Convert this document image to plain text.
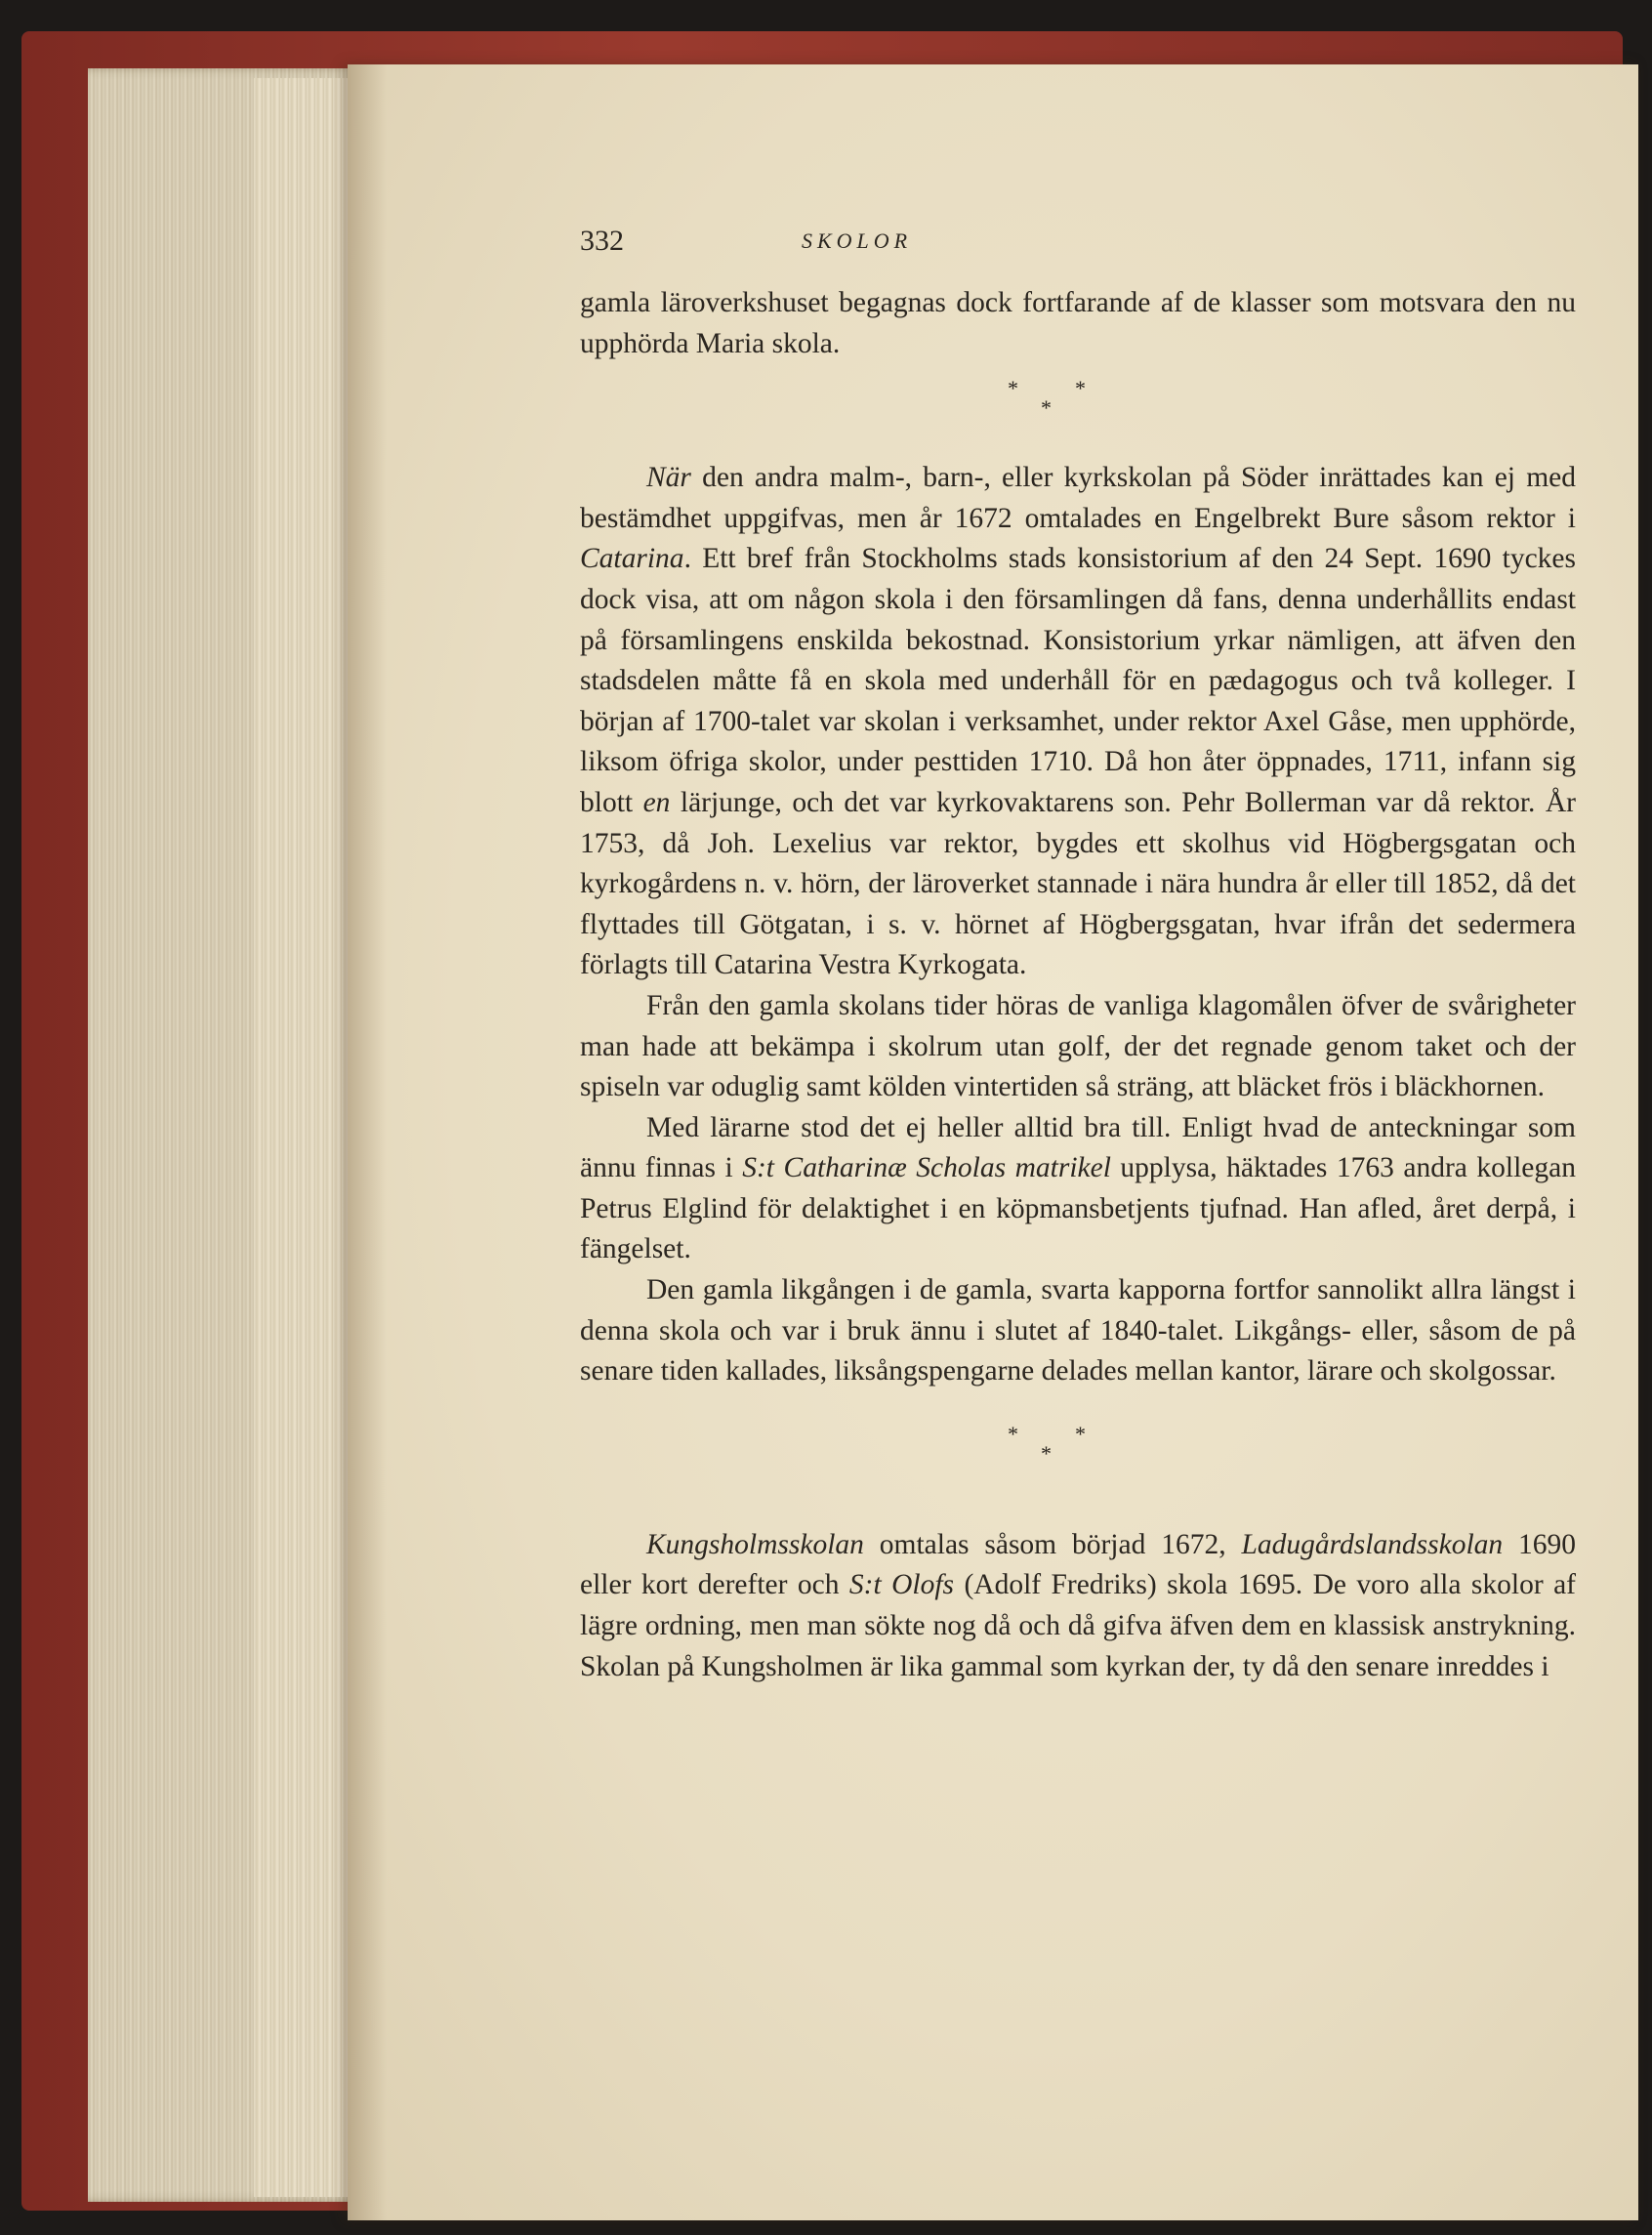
332	SKOLOR

gamla läroverkshuset begagnas dock fortfarande af de klasser som motsvara den nu upphörda Maria skola.

*	*
*

När den andra malm-, barn-, eller kyrkskolan på Söder inrättades kan ej med bestämdhet uppgifvas, men år 1672 omtalades en Engelbrekt Bure såsom rektor i Catarina. Ett bref från Stockholms stads konsistorium af den 24 Sept. 1690 tyckes dock visa, att om någon skola i den församlingen då fans, denna underhållits endast på församlingens enskilda bekostnad. Konsistorium yrkar nämligen, att äfven den stadsdelen måtte få en skola med underhåll för en pædagogus och två kolleger. I början af 1700-talet var skolan i verksamhet, under rektor Axel Gåse, men upphörde, liksom öfriga skolor, under pesttiden 1710. Då hon åter öppnades, 1711, infann sig blott en lärjunge, och det var kyrkovaktarens son. Pehr Bollerman var då rektor. År 1753, då Joh. Lexelius var rektor, bygdes ett skolhus vid Högbergsgatan och kyrkogårdens n. v. hörn, der läroverket stannade i nära hundra år eller till 1852, då det flyttades till Götgatan, i s. v. hörnet af Högbergsgatan, hvar ifrån det sedermera förlagts till Catarina Vestra Kyrkogata.

Från den gamla skolans tider höras de vanliga klagomålen öfver de svårigheter man hade att bekämpa i skolrum utan golf, der det regnade genom taket och der spiseln var oduglig samt kölden vintertiden så sträng, att bläcket frös i bläckhornen.

Med lärarne stod det ej heller alltid bra till. Enligt hvad de anteckningar som ännu finnas i S:t Catharinæ Scholas matrikel upplysa, häktades 1763 andra kollegan Petrus Elglind för delaktighet i en köpmansbetjents tjufnad. Han afled, året derpå, i fängelset.

Den gamla likgången i de gamla, svarta kapporna fortfor sannolikt allra längst i denna skola och var i bruk ännu i slutet af 1840-talet. Likgångs- eller, såsom de på senare tiden kallades, liksångspengarne delades mellan kantor, lärare och skolgossar.

*	*
*

Kungsholmsskolan omtalas såsom börjad 1672, Ladugårdslandsskolan 1690 eller kort derefter och S:t Olofs (Adolf Fredriks) skola 1695. De voro alla skolor af lägre ordning, men man sökte nog då och då gifva äfven dem en klassisk anstrykning. Skolan på Kungsholmen är lika gammal som kyrkan der, ty då den senare inreddes i
